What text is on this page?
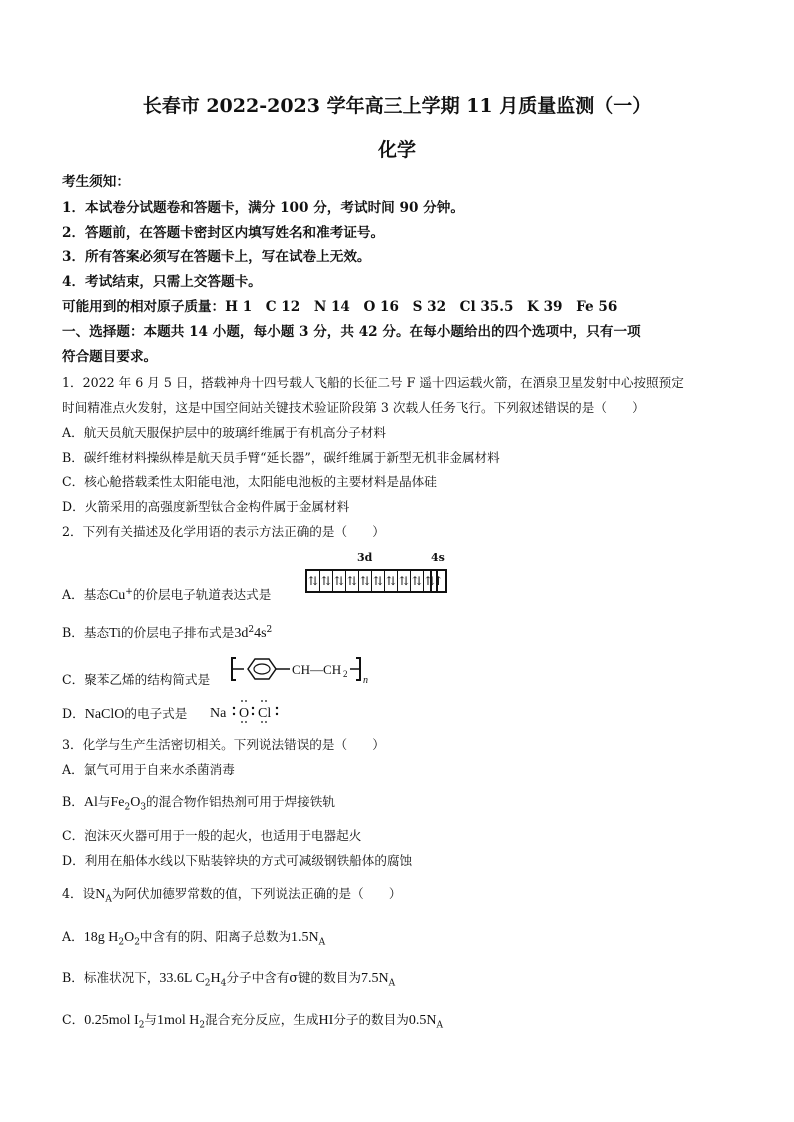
长春市 2022-2023 学年高三上学期 11 月质量监测（一）
化学
考生须知：
1．本试卷分试题卷和答题卡，满分 100 分，考试时间 90 分钟。
2．答题前，在答题卡密封区内填写姓名和准考证号。
3．所有答案必须写在答题卡上，写在试卷上无效。
4．考试结束，只需上交答题卡。
可能用到的相对原子质量：H 1　C 12　N 14　O 16　S 32　Cl 35.5　K 39　Fe 56
一、选择题：本题共 14 小题，每小题 3 分，共 42 分。在每小题给出的四个选项中，只有一项
符合题目要求。
1．2022 年 6 月 5 日，搭载神舟十四号载人飞船的长征二号 F 遥十四运载火箭，在酒泉卫星发射中心按照预定
时间精准点火发射，这是中国空间站关键技术验证阶段第 3 次载人任务飞行。下列叙述错误的是（　　）
A．航天员航天服保护层中的玻璃纤维属于有机高分子材料
B．碳纤维材料操纵棒是航天员手臂“延长器”，碳纤维属于新型无机非金属材料
C．核心舱搭载柔性太阳能电池，太阳能电池板的主要材料是晶体硅
D．火箭采用的高强度新型钛合金构件属于金属材料
2．下列有关描述及化学用语的表示方法正确的是（　　）
3d	4s
A．基态Cu+的价层电子轨道表达式是
⇅ ⇅ ⇅ ⇅ ⇅ ⇅ ⇅ ⇅ ⇅ ⇅
↑
B．基态Ti的价层电子排布式是$3d^24s^2$
C．聚苯乙烯的结构简式是
CH—CH 2
n
D．NaClO的电子式是 Na O Cl
3．化学与生产生活密切相关。下列说法错误的是（　　）
A．氯气可用于自来水杀菌消毒
B．Al与$Fe_2O_3$的混合物作铝热剂可用于焊接铁轨
C．泡沫灭火器可用于一般的起火，也适用于电器起火
D．利用在船体水线以下贴装锌块的方式可减级钢铁船体的腐蚀
4．设$N_A$为阿伏加德罗常数的值，下列说法正确的是（　　）
A．18g $H_2O_2$中含有的阴、阳离子总数为$1.5N_A$
B．标准状况下，33.6L $C_2H_4$分子中含有σ键的数目为$7.5N_A$
C．0.25mol $I_2$与1mol $H_2$混合充分反应，生成HI分子的数目为$0.5N_A$
